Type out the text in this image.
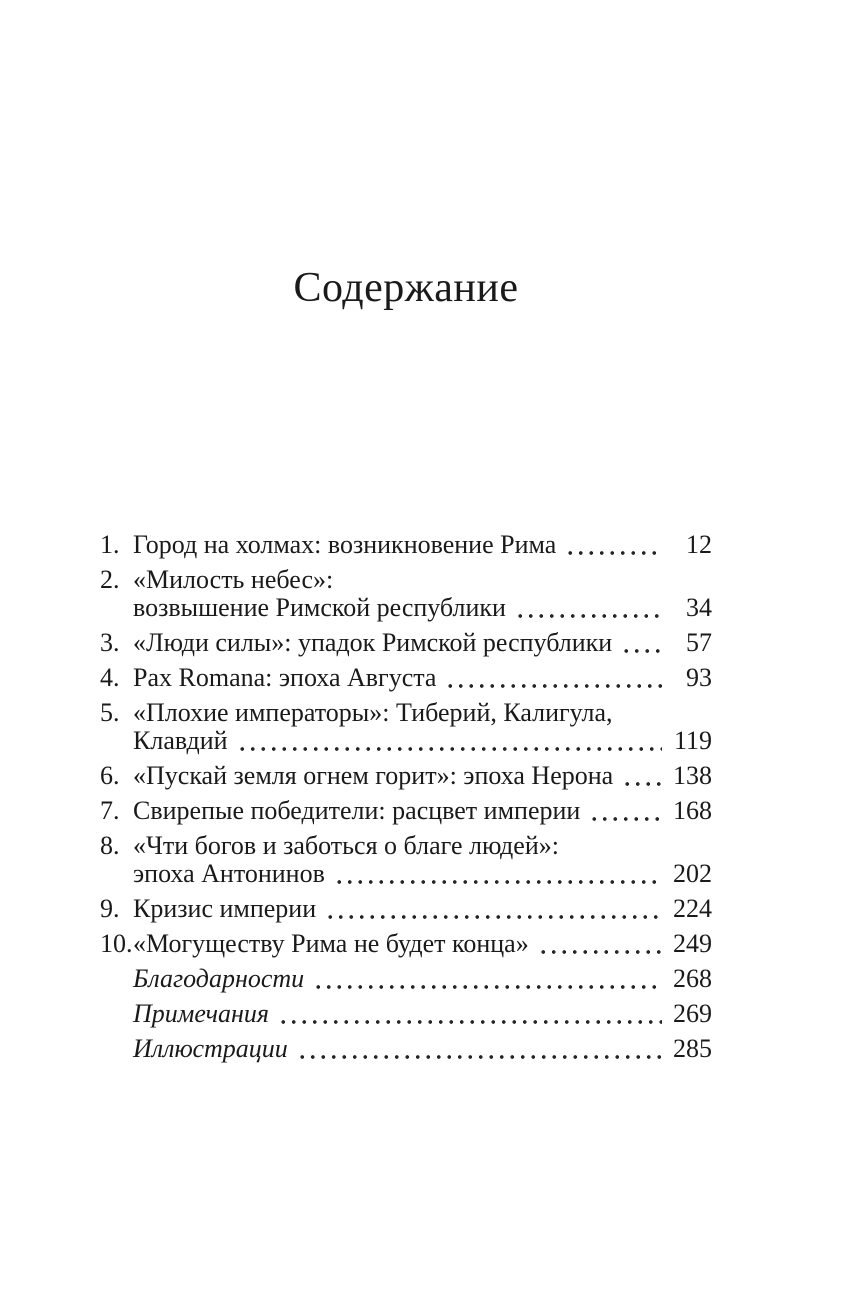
Содержание
1. Город на холмах: возникновение Рима	12
2. «Милость небес»:
возвышение Римской республики	34
3. «Люди силы»: упадок Римской республики	57
4. Pax Romana: эпоха Августа	93
5. «Плохие императоры»: Тиберий, Калигула,
Клавдий	119
6. «Пускай земля огнем горит»: эпоха Нерона 138
7. Свирепые победители: расцвет империи	168
8. «Чти богов и заботься о благе людей»:
эпоха Антонинов	202
9. Кризис империи	224
10. «Могуществу Рима не будет конца»	249
Благодарности	268
Примечания	269
Иллюстрации	285
